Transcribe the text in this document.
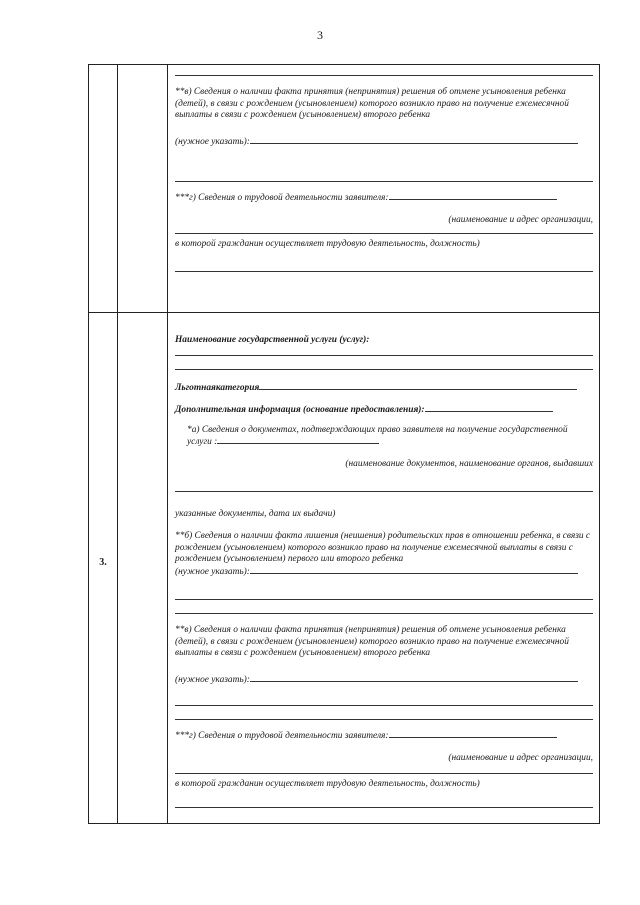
3
**в) Сведения о наличии факта принятия (непринятия) решения об отмене усыновления ребенка (детей), в связи с рождением (усыновлением) которого возникло право на получение ежемесячной выплаты в связи с рождением (усыновлением) второго ребенка
(нужное указать):
***г) Сведения о трудовой деятельности заявителя:
(наименование и адрес организации,
в которой гражданин осуществляет трудовую деятельность, должность)
3.
Наименование государственной услуги (услуг):
Льготнаякатегория
Дополнительная информация (основание предоставления):
*а) Сведения о документах, подтверждающих право заявителя на получение государственной услуги :
(наименование документов, наименование органов, выдавших
указанные документы, дата их выдачи)
**б) Сведения о наличии факта лишения (неишения) родительских прав в отношении ребенка, в связи с рождением (усыновлением) которого возникло право на получение ежемесячной выплаты в связи с рождением (усыновлением) первого или второго ребенка
(нужное указать):
**в) Сведения о наличии факта принятия (непринятия) решения об отмене усыновления ребенка (детей), в связи с рождением (усыновлением) которого возникло право на получение ежемесячной выплаты в связи с рождением (усыновлением) второго ребенка
(нужное указать):
***г) Сведения о трудовой деятельности заявителя:
(наименование и адрес организации,
в которой гражданин осуществляет трудовую деятельность, должность)
